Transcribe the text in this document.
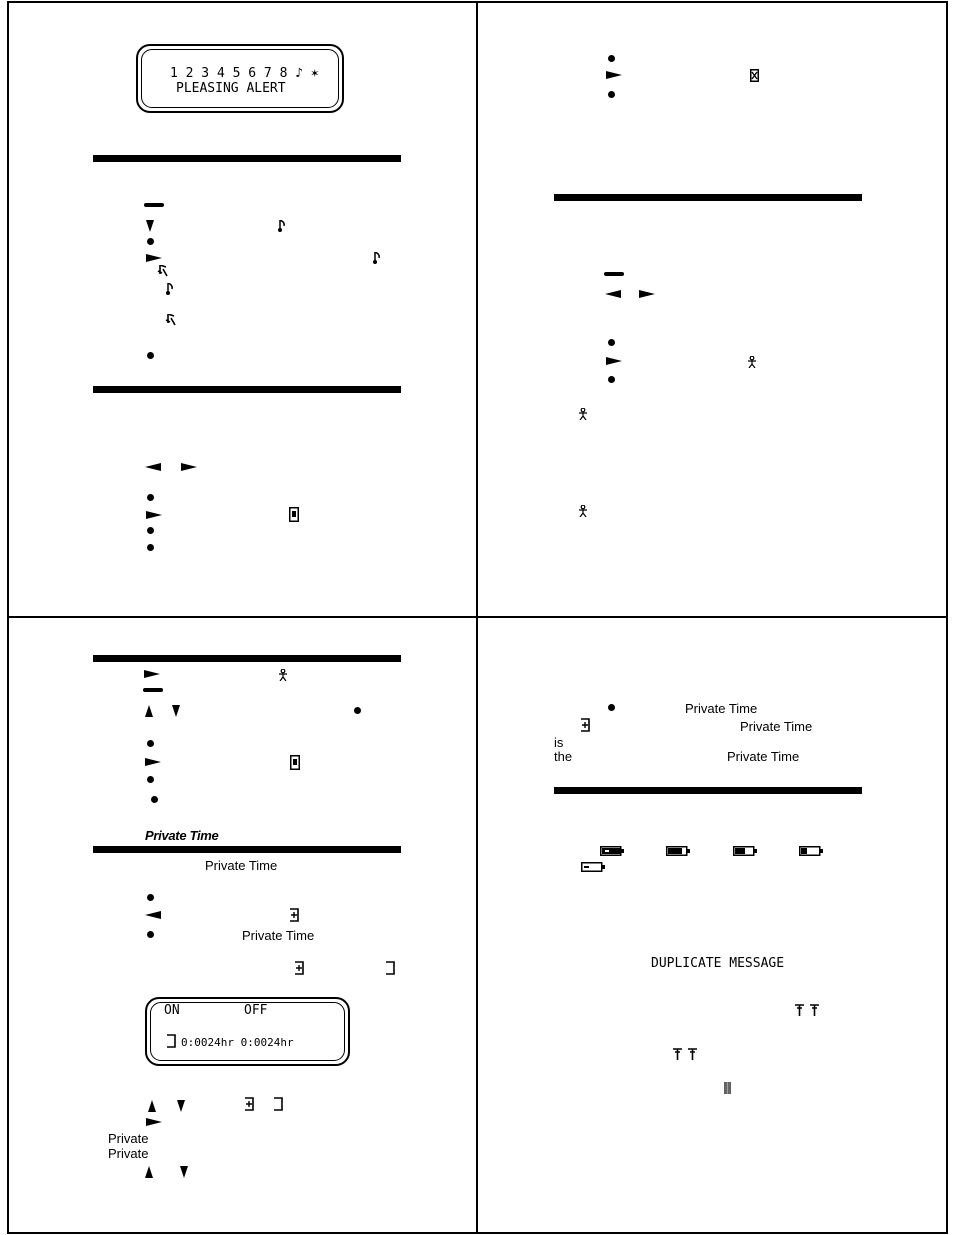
1 2 3 4 5 6 7 8 ♪ ✶
PLEASING ALERT
Private Time
Private Time
Private Time
ON	OFF
0:0024hr 0:0024hr
Private
Private
Private Time
Private Time
is
the	Private Time
DUPLICATE MESSAGE
